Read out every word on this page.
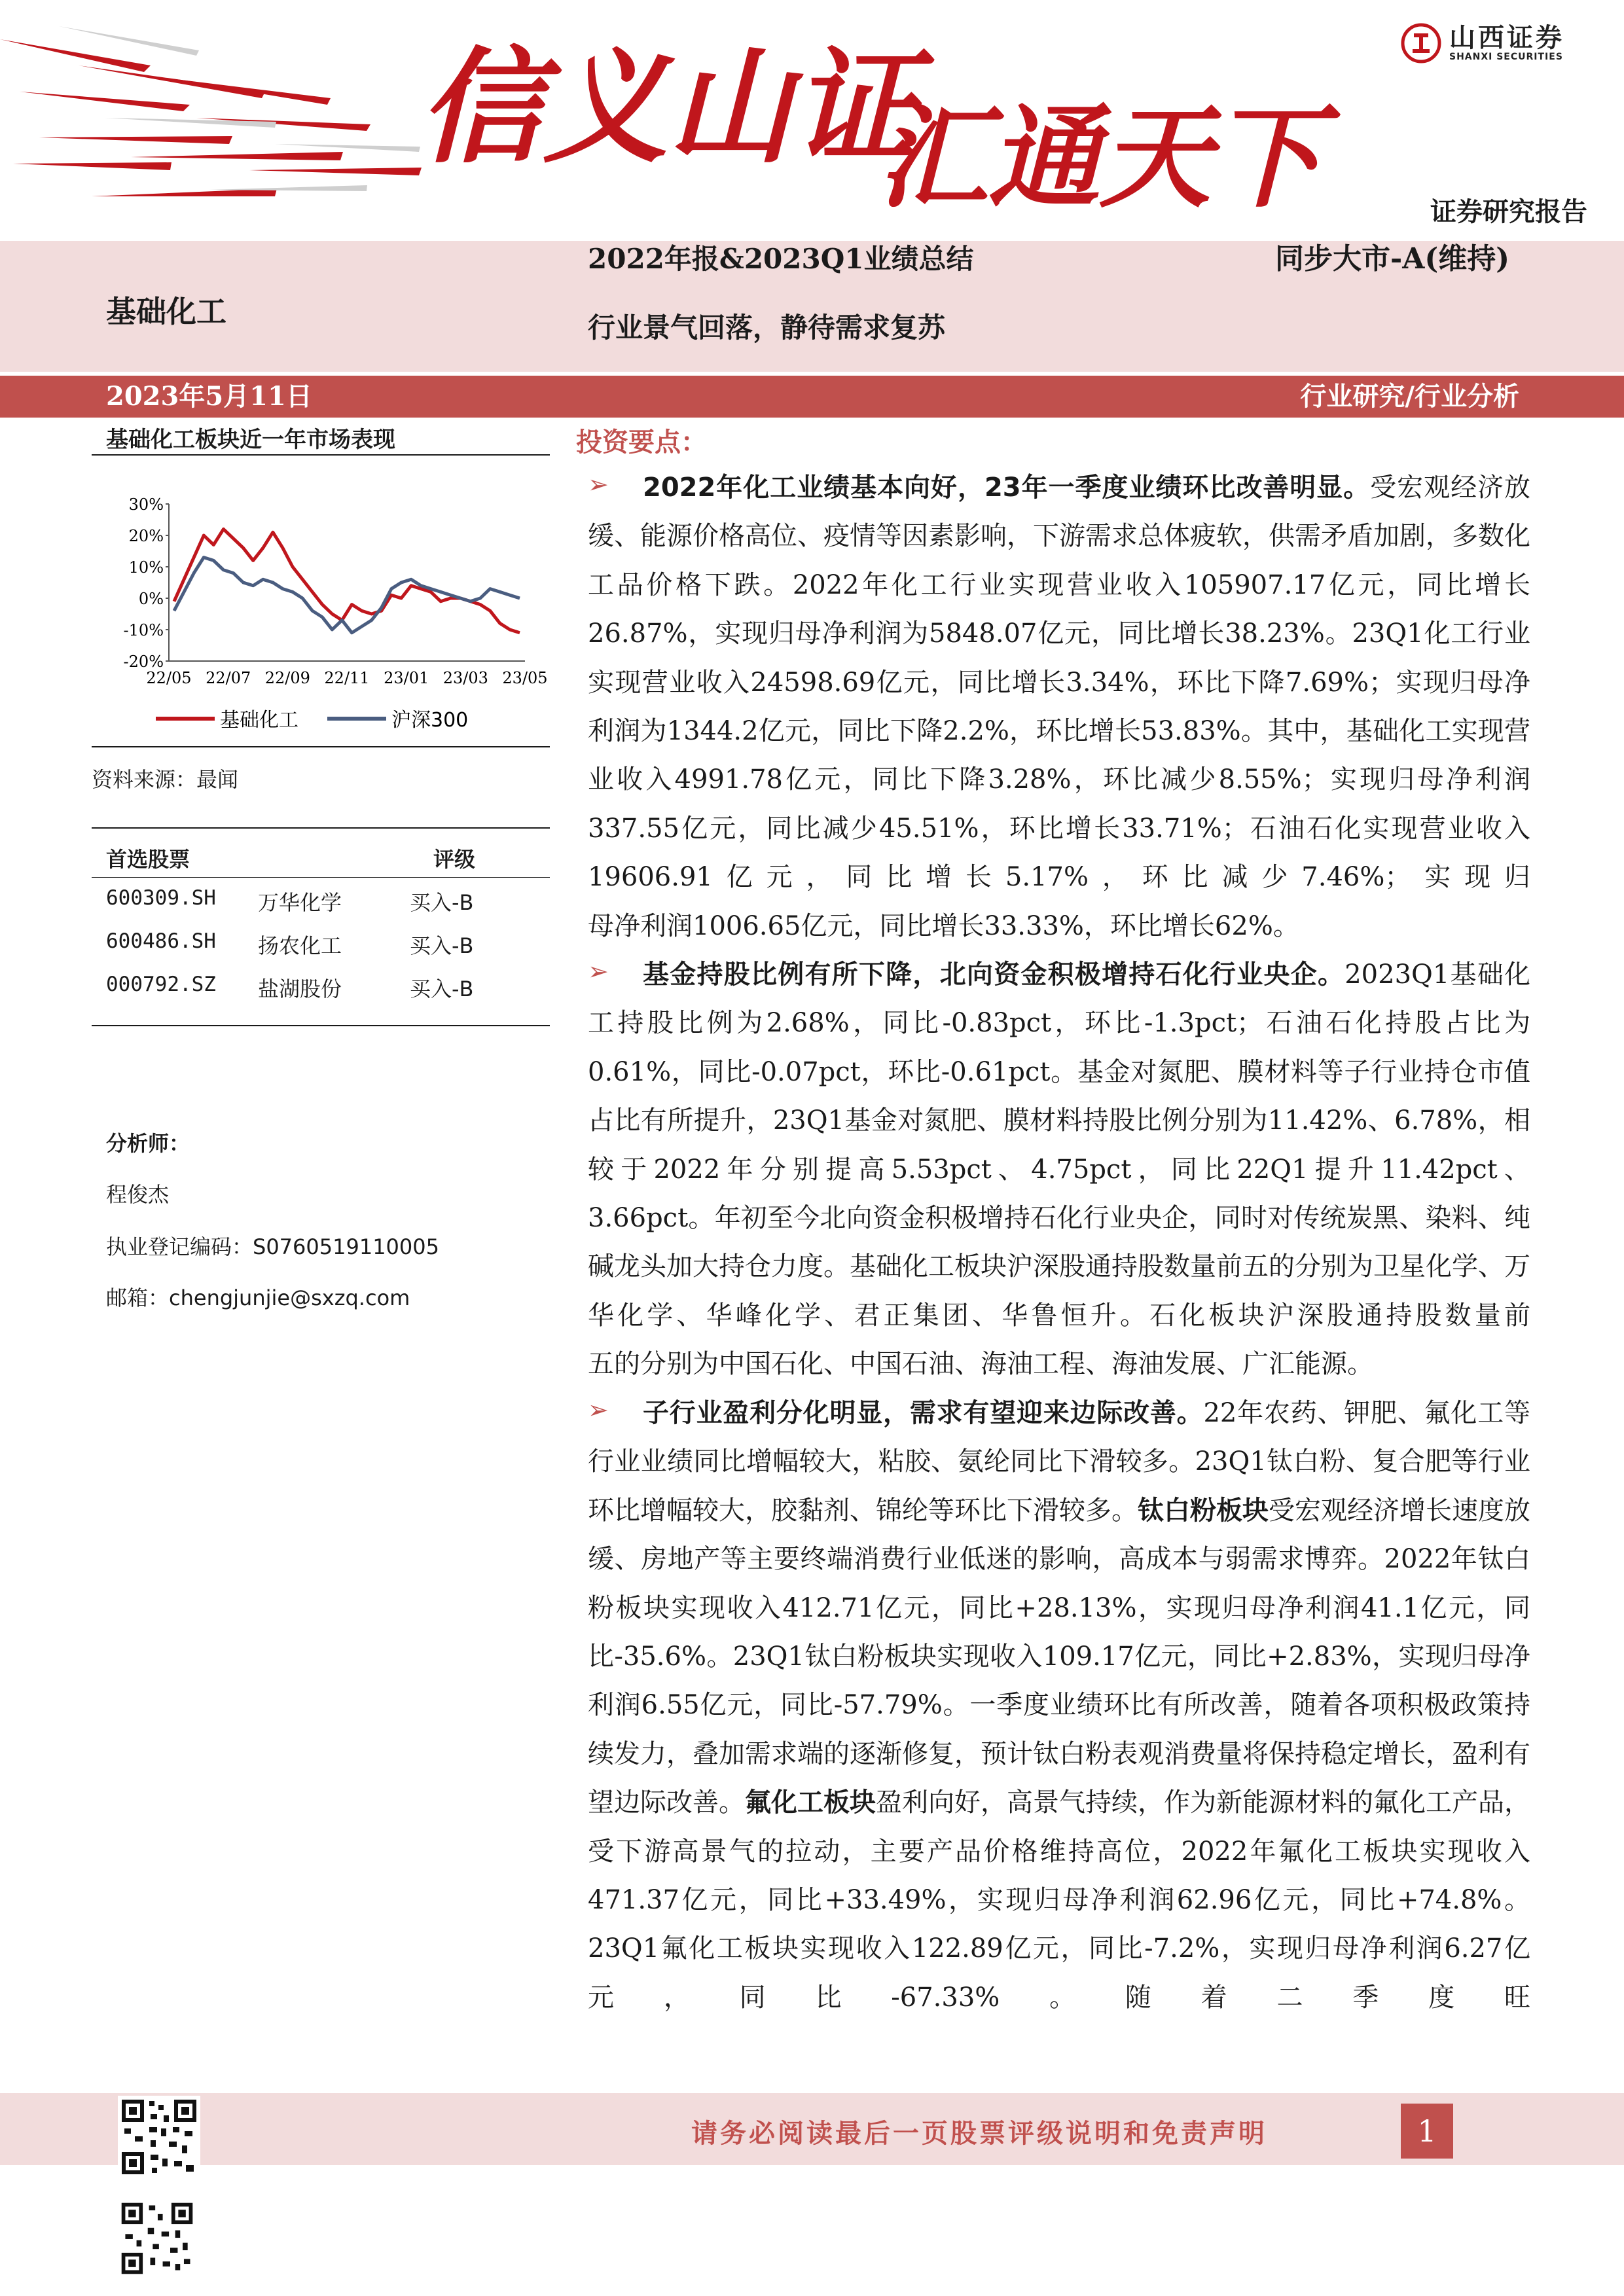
信义山证
汇通天下
山西证券
SHANXI SECURITIES
证券研究报告
基础化工
2022年报&2023Q1业绩总结
行业景气回落，静待需求复苏
同步大市-A(维持)
2023年5月11日	行业研究/行业分析
基础化工板块近一年市场表现
30%
20%
10%
0%
-10%
-20%
22/05 22/07 22/09 22/11 23/01 23/03 23/05
基础化工	沪深300
资料来源：最闻
首选股票	评级
600309.SH 万华化学	买入-B
600486.SH 扬农化工	买入-B
000792.SZ 盐湖股份	买入-B
分析师：
程俊杰
执业登记编码：S0760519110005
邮箱：chengjunjie@sxzq.com
投资要点：
➢	2022年化工业绩基本向好，23年一季度业绩环比改善明显。受宏观经济放缓、能源价格高位、疫情等因素影响，下游需求总体疲软，供需矛盾加剧，多数化工品价格下跌。2022年化工行业实现营业收入105907.17亿元，同比增长26.87%，实现归母净利润为5848.07亿元，同比增长38.23%。23Q1化工行业实现营业收入24598.69亿元，同比增长3.34%，环比下降7.69%；实现归母净利润为1344.2亿元，同比下降2.2%，环比增长53.83%。其中，基础化工实现营业收入4991.78亿元，同比下降3.28%，环比减少8.55%；实现归母净利润337.55亿元，同比减少45.51%，环比增长33.71%；石油石化实现营业收入19606.91亿元，同比增长5.17%，环比减少7.46%；实现归
母净利润1006.65亿元，同比增长33.33%，环比增长62%。
➢	基金持股比例有所下降，北向资金积极增持石化行业央企。2023Q1基础化工持股比例为2.68%，同比-0.83pct，环比-1.3pct；石油石化持股占比为0.61%，同比-0.07pct，环比-0.61pct。基金对氮肥、膜材料等子行业持仓市值占比有所提升，23Q1基金对氮肥、膜材料持股比例分别为11.42%、6.78%，相较于2022年分别提高5.53pct、4.75pct，同比22Q1提升11.42pct、3.66pct。年初至今北向资金积极增持石化行业央企，同时对传统炭黑、染料、纯碱龙头加大持仓力度。基础化工板块沪深股通持股数量前五的分别为卫星化学、万华化学、华峰化学、君正集团、华鲁恒升。石化板块沪深股通持股数量前
五的分别为中国石化、中国石油、海油工程、海油发展、广汇能源。
➢	子行业盈利分化明显，需求有望迎来边际改善。22年农药、钾肥、氟化工等行业业绩同比增幅较大，粘胶、氨纶同比下滑较多。23Q1钛白粉、复合肥等行业环比增幅较大，胶黏剂、锦纶等环比下滑较多。钛白粉板块受宏观经济增长速度放缓、房地产等主要终端消费行业低迷的影响，高成本与弱需求博弈。2022年钛白粉板块实现收入412.71亿元，同比+28.13%，实现归母净利润41.1亿元，同比-35.6%。23Q1钛白粉板块实现收入109.17亿元，同比+2.83%，实现归母净利润6.55亿元，同比-57.79%。一季度业绩环比有所改善，随着各项积极政策持续发力，叠加需求端的逐渐修复，预计钛白粉表观消费量将保持稳定增长，盈利有望边际改善。氟化工板块盈利向好，高景气持续，作为新能源材料的氟化工产品，受下游高景气的拉动，主要产品价格维持高位，2022年氟化工板块实现收入471.37亿元，同比+33.49%，实现归母净利润62.96亿元，同比+74.8%。23Q1氟化工板块实现收入122.89亿元，同比-7.2%，实现归母净利润6.27亿元，同比-67.33%。随着二季度旺
请务必阅读最后一页股票评级说明和免责声明	1
